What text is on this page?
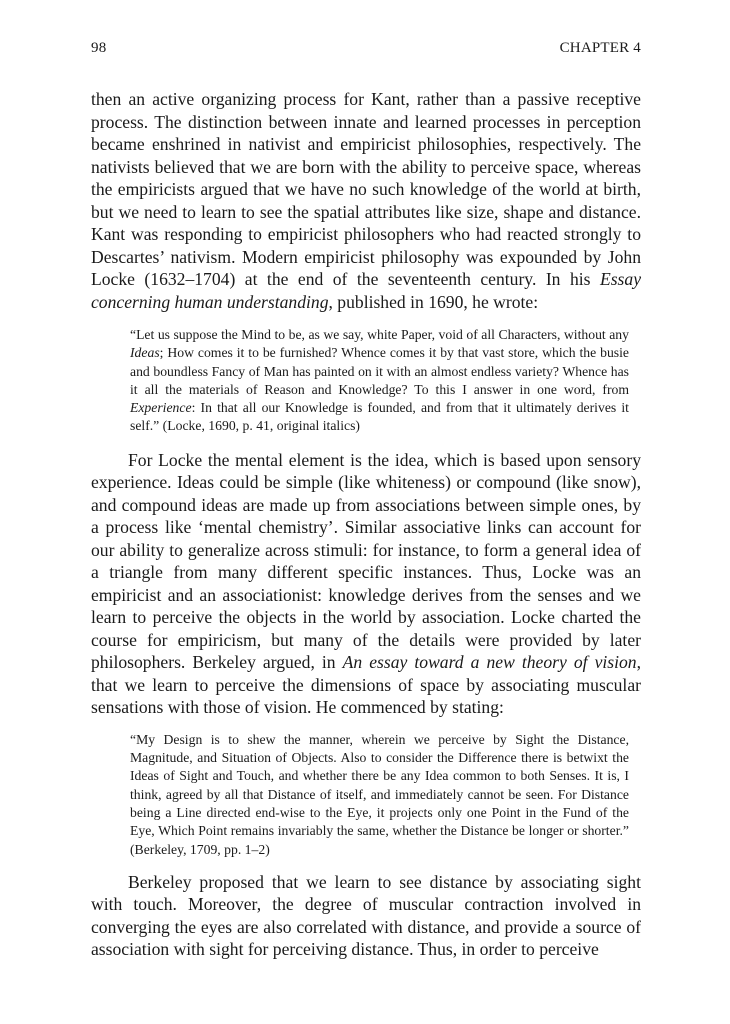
98	CHAPTER 4

then an active organizing process for Kant, rather than a passive receptive process. The distinction between innate and learned processes in perception became enshrined in nativist and empiricist philosophies, respectively. The nativists believed that we are born with the ability to perceive space, whereas the empiricists argued that we have no such knowledge of the world at birth, but we need to learn to see the spatial attributes like size, shape and distance. Kant was responding to empiricist philosophers who had reacted strongly to Descartes’ nativism. Modern empiricist philosophy was expounded by John Locke (1632–1704) at the end of the seventeenth century. In his Essay concerning human understanding, published in 1690, he wrote:

“Let us suppose the Mind to be, as we say, white Paper, void of all Characters, without any Ideas; How comes it to be furnished? Whence comes it by that vast store, which the busie and boundless Fancy of Man has painted on it with an almost endless variety? Whence has it all the materials of Reason and Knowledge? To this I answer in one word, from Experience: In that all our Knowledge is founded, and from that it ultimately derives it self.” (Locke, 1690, p. 41, original italics)

For Locke the mental element is the idea, which is based upon sensory experience. Ideas could be simple (like whiteness) or compound (like snow), and compound ideas are made up from associations between simple ones, by a process like ‘mental chemistry’. Similar associative links can account for our ability to generalize across stimuli: for instance, to form a general idea of a triangle from many different specific instances. Thus, Locke was an empiricist and an associationist: knowledge derives from the senses and we learn to perceive the objects in the world by association. Locke charted the course for empiricism, but many of the details were provided by later philosophers. Berkeley argued, in An essay toward a new theory of vision, that we learn to perceive the dimensions of space by associating muscular sensations with those of vision. He commenced by stating:

“My Design is to shew the manner, wherein we perceive by Sight the Distance, Magnitude, and Situation of Objects. Also to consider the Difference there is betwixt the Ideas of Sight and Touch, and whether there be any Idea common to both Senses. It is, I think, agreed by all that Distance of itself, and immediately cannot be seen. For Distance being a Line directed end-wise to the Eye, it projects only one Point in the Fund of the Eye, Which Point remains invariably the same, whether the Distance be longer or shorter.” (Berkeley, 1709, pp. 1–2)

Berkeley proposed that we learn to see distance by associating sight with touch. Moreover, the degree of muscular contraction involved in converging the eyes are also correlated with distance, and provide a source of association with sight for perceiving distance. Thus, in order to perceive
